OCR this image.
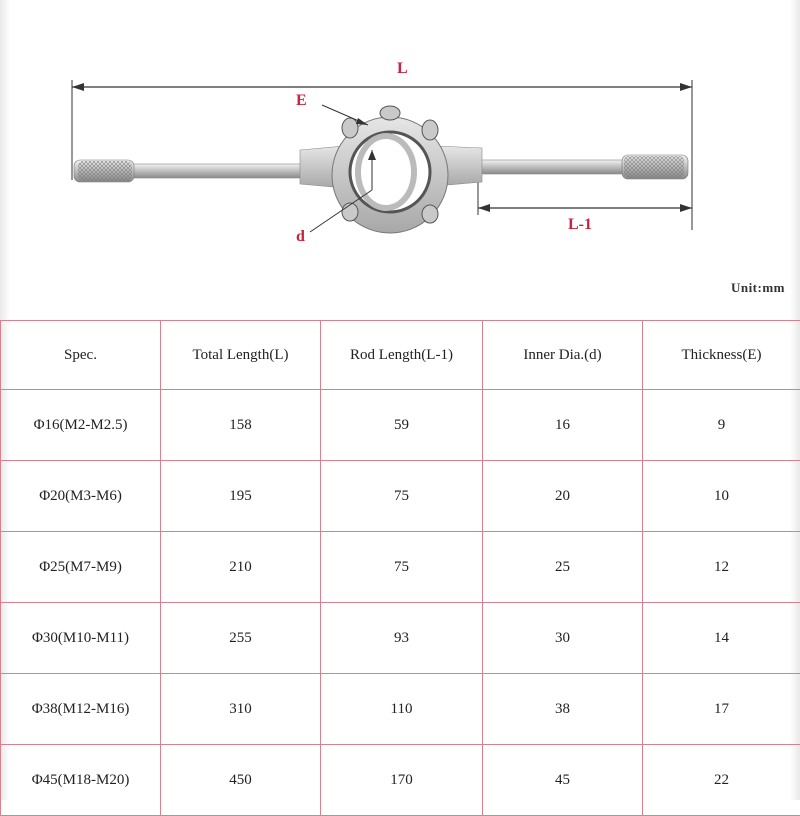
L
L-1
E
d
Unit:mm
Spec.	Total Length(L)	Rod Length(L-1)	Inner Dia.(d)	Thickness(E)
Φ16(M2-M2.5)	158	59	16	9
Φ20(M3-M6)	195	75	20	10
Φ25(M7-M9)	210	75	25	12
Φ30(M10-M11)	255	93	30	14
Φ38(M12-M16)	310	110	38	17
Φ45(M18-M20)	450	170	45	22
